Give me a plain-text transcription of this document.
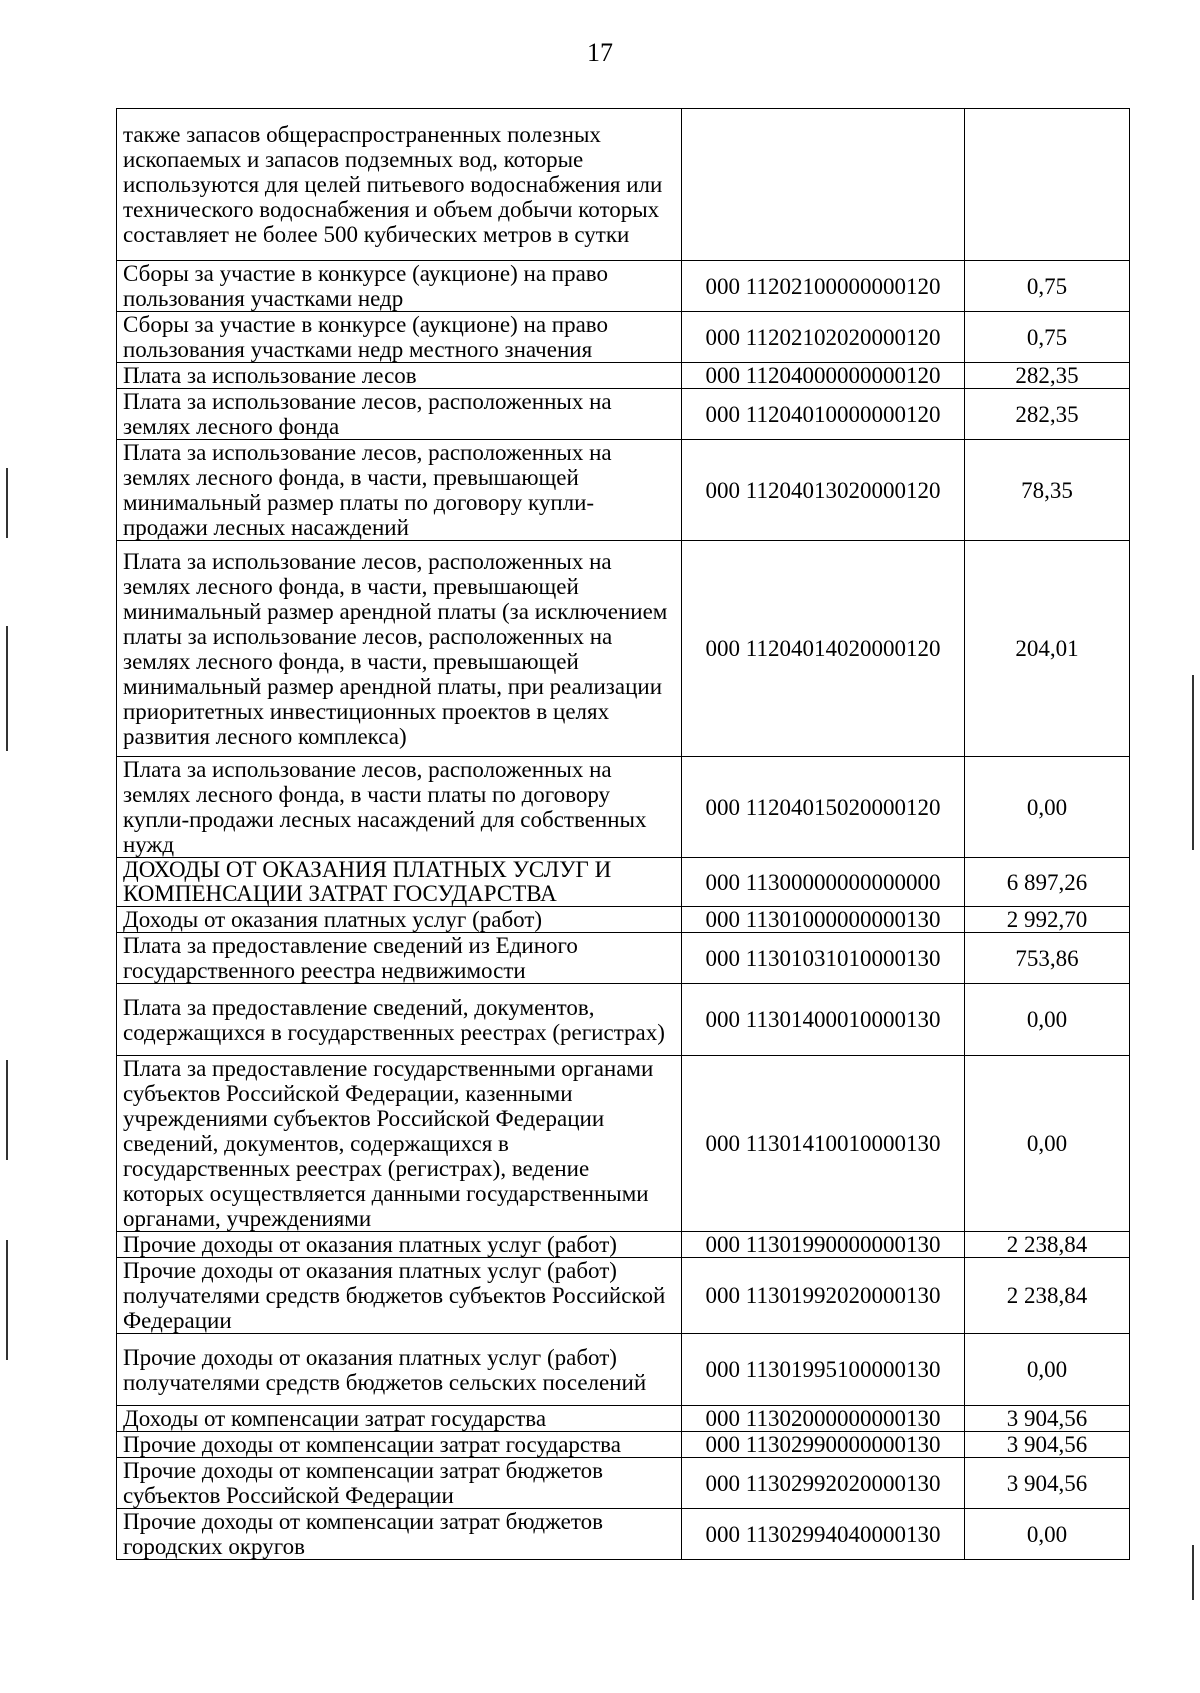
17
также запасов общераспространенных полезных ископаемых и запасов подземных вод, которые используются для целей питьевого водоснабжения или технического водоснабжения и объем добычи которых составляет не более 500 кубических метров в сутки		
Сборы за участие в конкурсе (аукционе) на право пользования участками недр	000 11202100000000120	0,75
Сборы за участие в конкурсе (аукционе) на право пользования участками недр местного значения	000 11202102020000120	0,75
Плата за использование лесов	000 11204000000000120	282,35
Плата за использование лесов, расположенных на землях лесного фонда	000 11204010000000120	282,35
Плата за использование лесов, расположенных на землях лесного фонда, в части, превышающей минимальный размер платы по договору купли-продажи лесных насаждений	000 11204013020000120	78,35
Плата за использование лесов, расположенных на землях лесного фонда, в части, превышающей минимальный размер арендной платы (за исключением платы за использование лесов, расположенных на землях лесного фонда, в части, превышающей минимальный размер арендной платы, при реализации приоритетных инвестиционных проектов в целях развития лесного комплекса)	000 11204014020000120	204,01
Плата за использование лесов, расположенных на землях лесного фонда, в части платы по договору купли-продажи лесных насаждений для собственных нужд	000 11204015020000120	0,00
ДОХОДЫ ОТ ОКАЗАНИЯ ПЛАТНЫХ УСЛУГ И КОМПЕНСАЦИИ ЗАТРАТ ГОСУДАРСТВА	000 11300000000000000	6 897,26
Доходы от оказания платных услуг (работ)	000 11301000000000130	2 992,70
Плата за предоставление сведений из Единого государственного реестра недвижимости	000 11301031010000130	753,86
Плата за предоставление сведений, документов, содержащихся в государственных реестрах (регистрах)	000 11301400010000130	0,00
Плата за предоставление государственными органами субъектов Российской Федерации, казенными учреждениями субъектов Российской Федерации сведений, документов, содержащихся в государственных реестрах (регистрах), ведение которых осуществляется данными государственными органами, учреждениями	000 11301410010000130	0,00
Прочие доходы от оказания платных услуг (работ)	000 11301990000000130	2 238,84
Прочие доходы от оказания платных услуг (работ) получателями средств бюджетов субъектов Российской Федерации	000 11301992020000130	2 238,84
Прочие доходы от оказания платных услуг (работ) получателями средств бюджетов сельских поселений	000 11301995100000130	0,00
Доходы от компенсации затрат государства	000 11302000000000130	3 904,56
Прочие доходы от компенсации затрат государства	000 11302990000000130	3 904,56
Прочие доходы от компенсации затрат бюджетов субъектов Российской Федерации	000 11302992020000130	3 904,56
Прочие доходы от компенсации затрат бюджетов городских округов	000 11302994040000130	0,00
